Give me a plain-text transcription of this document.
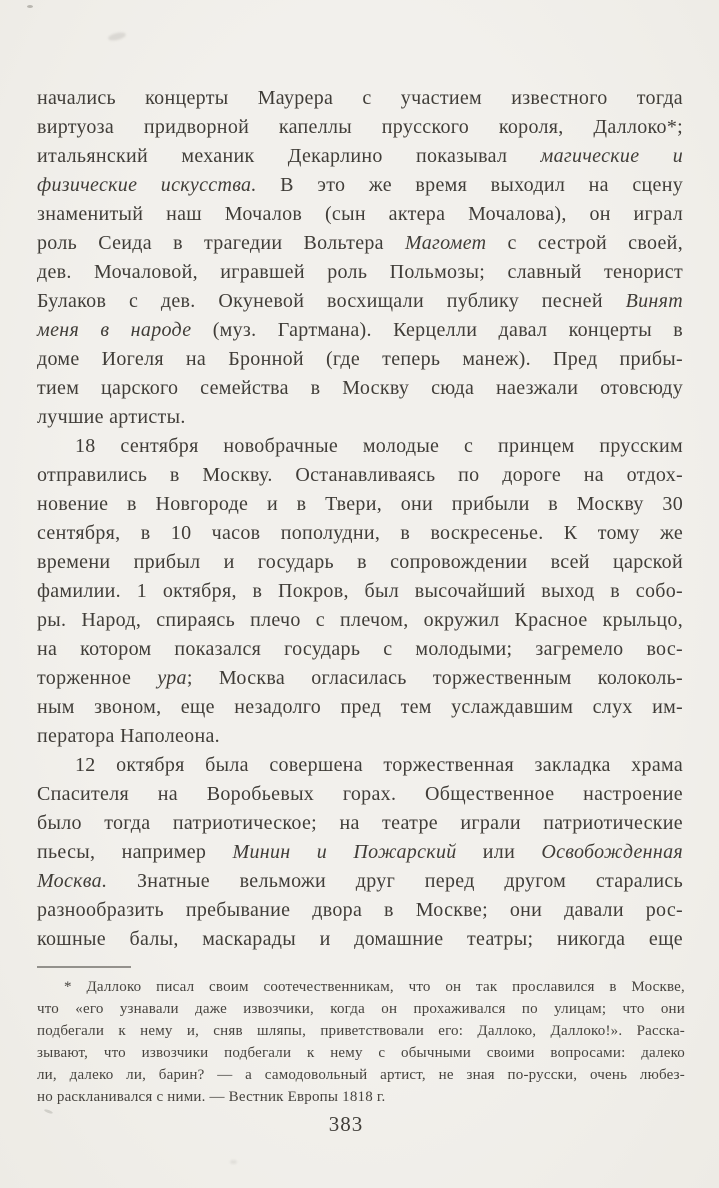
начались концерты Маурера с участием известного тогда
виртуоза придворной капеллы прусского короля, Даллоко*;
итальянский механик Декарлино показывал магические и
физические искусства. В это же время выходил на сцену
знаменитый наш Мочалов (сын актера Мочалова), он играл
роль Сеида в трагедии Вольтера Магомет с сестрой своей,
дев. Мочаловой, игравшей роль Польмозы; славный тенорист
Булаков с дев. Окуневой восхищали публику песней Винят
меня в народе (муз. Гартмана). Керцелли давал концерты в
доме Иогеля на Бронной (где теперь манеж). Пред прибы-
тием царского семейства в Москву сюда наезжали отовсюду
лучшие артисты.
18 сентября новобрачные молодые с принцем прусским
отправились в Москву. Останавливаясь по дороге на отдох-
новение в Новгороде и в Твери, они прибыли в Москву 30
сентября, в 10 часов пополудни, в воскресенье. К тому же
времени прибыл и государь в сопровождении всей царской
фамилии. 1 октября, в Покров, был высочайший выход в собо-
ры. Народ, спираясь плечо с плечом, окружил Красное крыльцо,
на котором показался государь с молодыми; загремело вос-
торженное ура; Москва огласилась торжественным колоколь-
ным звоном, еще незадолго пред тем услаждавшим слух им-
ператора Наполеона.
12 октября была совершена торжественная закладка храма
Спасителя на Воробьевых горах. Общественное настроение
было тогда патриотическое; на театре играли патриотические
пьесы, например Минин и Пожарский или Освобожденная
Москва. Знатные вельможи друг перед другом старались
разнообразить пребывание двора в Москве; они давали рос-
кошные балы, маскарады и домашние театры; никогда еще
* Даллоко писал своим соотечественникам, что он так прославился в Москве,
что «его узнавали даже извозчики, когда он прохаживался по улицам; что они
подбегали к нему и, сняв шляпы, приветствовали его: Даллоко, Даллоко!». Расска-
зывают, что извозчики подбегали к нему с обычными своими вопросами: далеко
ли, далеко ли, барин? — а самодовольный артист, не зная по-русски, очень любез-
но раскланивался с ними. — Вестник Европы 1818 г.
383
